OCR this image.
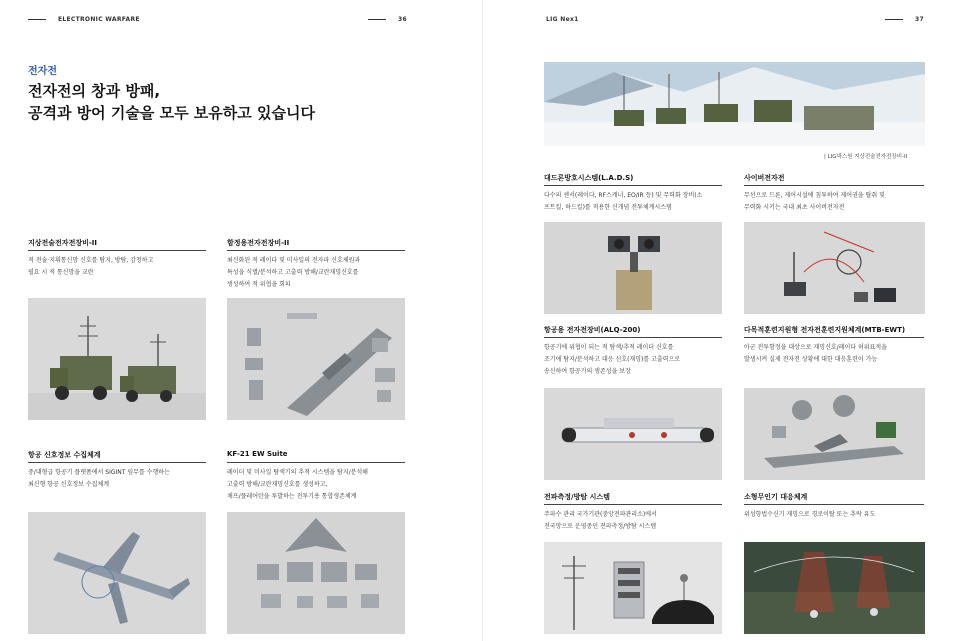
ELECTRONIC WARFARE	36
전자전
전자전의 창과 방패,
공격과 방어 기술을 모두 보유하고 있습니다
지상전술전자전장비-II
적 전술·지휘통신망 신호를 탐지, 방탐, 감청하고
필요 시 적 통신망을 교란
함정용전자전장비-II
최신화된 적 레이다 및 미사일의 전자파 신호체원과
특성을 식별/분석하고 고출력 방해/교란재밍신호를
생성하여 적 위협을 회피
항공 신호정보 수집체계
중/대형급 항공기 플랫폼에서 SIGINT 임무를 수행하는
최신형 항공 신호정보 수집체계
KF-21 EW Suite
레이더 및 미사일 탐색기의 추적 시스템을 탐지/분석해
고출력 방해/교란재밍신호를 생성하고,
채프/플레어탄을 투발하는 전투기용 통합생존체계
LIG Nex1	37
| LIG넥스원 지상전술전자전장비-II
대드론방호시스템(L.A.D.S)
다수의 센서(레이다, RF스캐너, EO/IR 등) 및 무력화 장비(소
프트킬, 하드킬)를 적용한 신개념 전투체계시스템
사이버전자전
무선으로 드론, 제어시설에 침투하여 제어권을 탈취 및
무력화 시키는 국내 최초 사이버전자전
항공용 전자전장비(ALQ-200)
항공기에 위협이 되는 적 탐색/추적 레이더 신호를
조기에 탐지/분석하고 대응 신호(재밍)를 고출력으로
송신하여 항공기의 생존성을 보장
다목적훈련지원형 전자전훈련지원체계(MTB-EWT)
아군 전투함정을 대상으로 재밍신호/레이다 허위표적을
발생시켜 실제 전자전 상황에 대한 대응훈련이 가능
전파측정/방탐 시스템
주파수 관리 국가기관(중앙전파관리소)에서
전국망으로 운영중인 전파측정/방탐 시스템
소형무인기 대응체계
위성항법수신기 재밍으로 경로이탈 또는 추락 유도
